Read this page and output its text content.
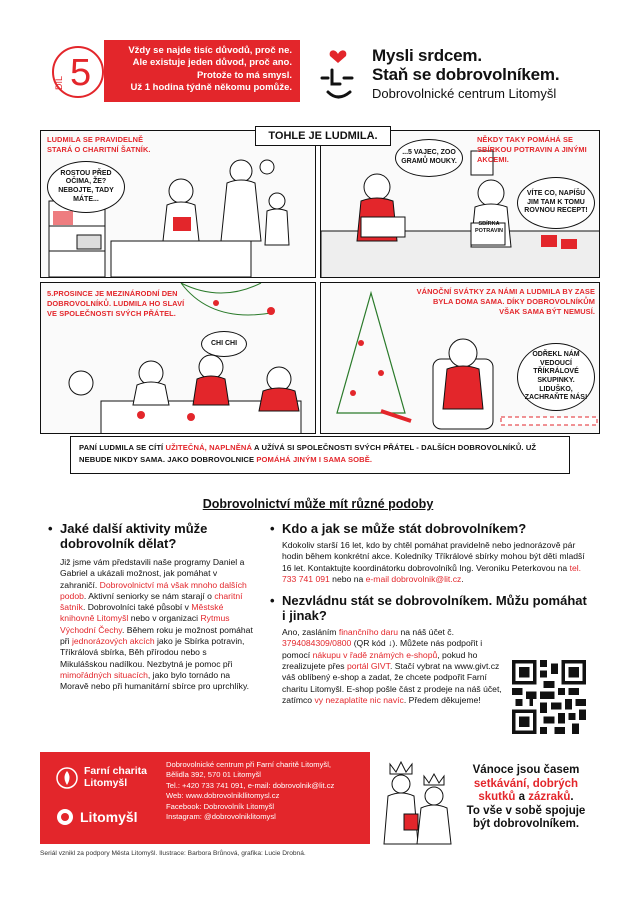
5
DÍL
Vždy se najde tisíc důvodů, proč ne.
Ale existuje jeden důvod, proč ano.
Protože to má smysl.
Už 1 hodina týdně někomu pomůže.
Mysli srdcem.
Staň se dobrovolníkem.
Dobrovolnické centrum Litomyšl
TOHLE JE LUDMILA.
LUDMILA SE PRAVIDELNĚ STARÁ O CHARITNÍ ŠATNÍK.
ROSTOU PŘED OČIMA, ŽE? NEBOJTE, TADY MÁTE...
...5 VAJEC, ZOO GRAMŮ MOUKY.
NĚKDY TAKY POMÁHÁ SE SBÍRKOU POTRAVIN A JINÝMI AKCEMI.
VÍTE CO, NAPÍŠU JIM TAM K TOMU ROVNOU RECEPT!
SBÍRKA POTRAVIN
5.PROSINCE JE MEZINÁRODNÍ DEN DOBROVOLNÍKŮ. LUDMILA HO SLAVÍ VE SPOLEČNOSTI SVÝCH PŘÁTEL.
CHI CHI
VÁNOČNÍ SVÁTKY ZA NÁMI A LUDMILA BY ZASE BYLA DOMA SAMA. DÍKY DOBROVOLNÍKŮM VŠAK SAMA BÝT NEMUSÍ.
ODŘEKL NÁM VEDOUCÍ TŘÍKRÁLOVÉ SKUPINKY. LIDUŠKO, ZACHRAŇTE NÁS!
PANÍ LUDMILA SE CÍTÍ UŽITEČNÁ, NAPLNĚNÁ A UŽÍVÁ SI SPOLEČNOSTI SVÝCH PŘÁTEL - DALŠÍCH DOBROVOLNÍKŮ. UŽ NEBUDE NIKDY SAMA. JAKO DOBROVOLNICE POMÁHÁ JINÝM I SAMA SOBĚ.
Dobrovolnictví může mít různé podoby
• Jaké další aktivity může dobrovolník dělat?
Již jsme vám představili naše programy Daniel a Gabriel a ukázali možnost, jak pomáhat v zahraničí. Dobrovolnictví má však mnoho dalších podob. Aktivní seniorky se nám starají o charitní šatník. Dobrovolníci také působí v Městské knihovně Litomyšl nebo v organizaci Rytmus Východní Čechy. Během roku je možnost pomáhat při jednorázových akcích jako je Sbírka potravin, Tříkrálová sbírka, Běh přírodou nebo s Mikulášskou nadílkou. Nezbytná je pomoc při mimořádných situacích, jako bylo tornádo na Moravě nebo při humanitární sbírce pro uprchlíky.
• Kdo a jak se může stát dobrovolníkem?
Kdokoliv starší 16 let, kdo by chtěl pomáhat pravidelně nebo jednorázově pár hodin během konkrétní akce. Koledníky Tříkrálové sbírky mohou být děti mladší 16 let. Kontaktujte koordinátorku dobrovolníků Ing. Veroniku Peterkovou na tel. 733 741 091 nebo na e-mail dobrovolnik@lit.cz.
• Nezvládnu stát se dobrovolníkem. Můžu pomáhat i jinak?
Ano, zasláním finančního daru na náš účet č. 3794084309/0800 (QR kód ↓). Můžete nás podpořit i pomocí nákupu v řadě známých e-shopů, pokud ho zrealizujete přes portál GIVT. Stačí vybrat na www.givt.cz váš oblíbený e-shop a zadat, že chcete podpořit Farní charitu Litomyšl. E-shop pošle část z prodeje na náš účet, zatímco vy nezaplatíte nic navíc. Předem děkujeme!
Farní charita
Litomyšl
Litomyšl
Dobrovolnické centrum při Farní charitě Litomyšl,
Bělidla 392, 570 01 Litomyšl
Tel.: +420 733 741 091, e-mail: dobrovolnik@lit.cz
Web: www.dobrovolnikllitomysl.cz
Facebook: Dobrovolník Litomyšl
Instagram: @dobrovolniklitomysl
Vánoce jsou časem setkávání, dobrých skutků a zázraků.
To vše v sobě spojuje být dobrovolníkem.
Seriál vznikl za podpory Města Litomyšl. Ilustrace: Barbora Brůnová, grafika: Lucie Drobná.
